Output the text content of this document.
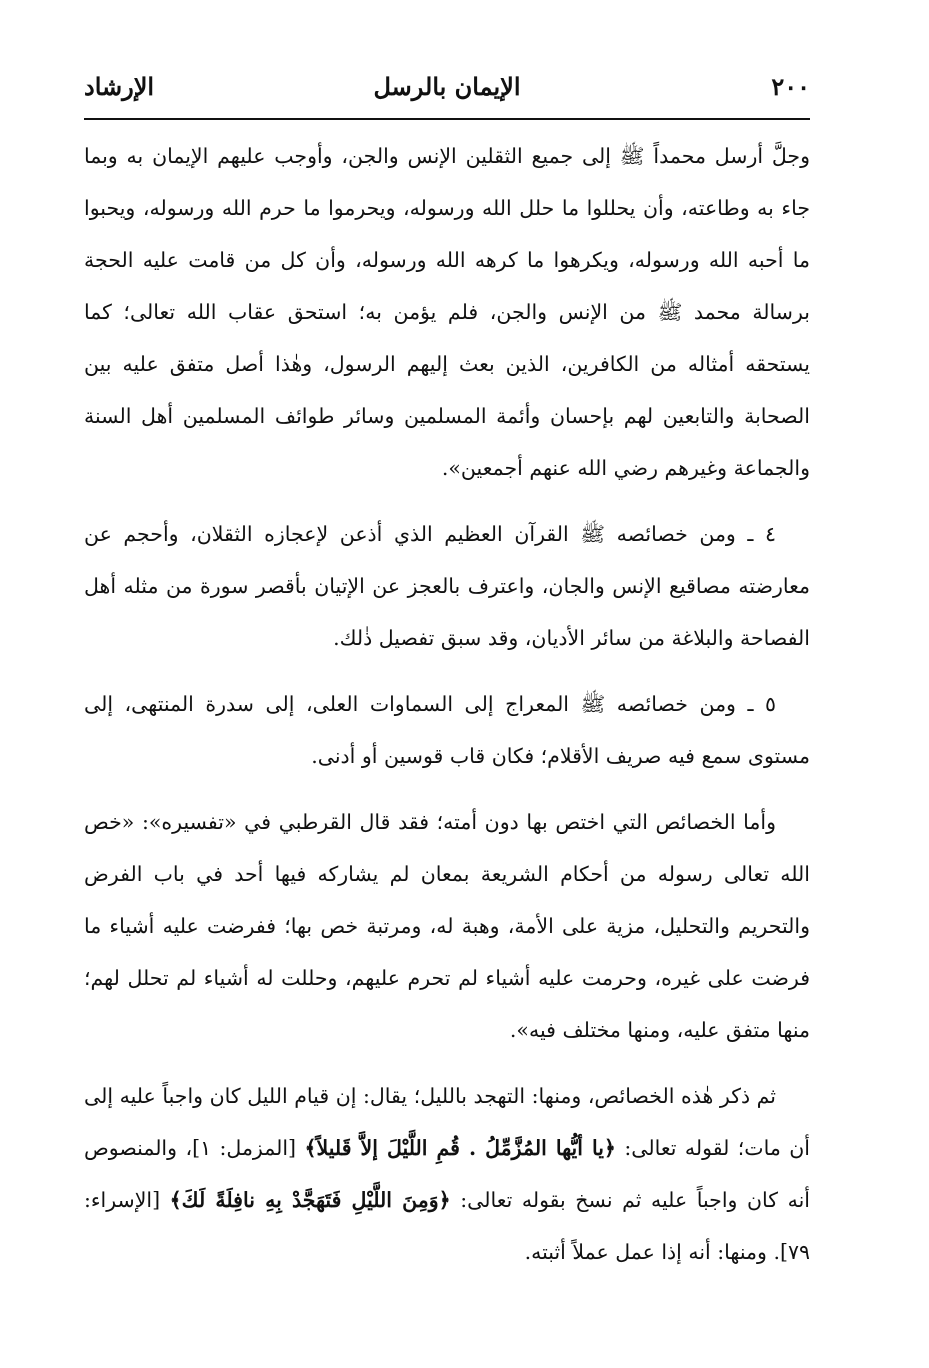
٢٠٠
الإيمان بالرسل
الإرشاد

وجلَّ أرسل محمداً ﷺ إلى جميع الثقلين الإنس والجن، وأوجب عليهم الإيمان به وبما جاء به وطاعته، وأن يحللوا ما حلل الله ورسوله، ويحرموا ما حرم الله ورسوله، ويحبوا ما أحبه الله ورسوله، ويكرهوا ما كرهه الله ورسوله، وأن كل من قامت عليه الحجة برسالة محمد ﷺ من الإنس والجن، فلم يؤمن به؛ استحق عقاب الله تعالى؛ كما يستحقه أمثاله من الكافرين، الذين بعث إليهم الرسول، وهٰذا أصل متفق عليه بين الصحابة والتابعين لهم بإحسان وأئمة المسلمين وسائر طوائف المسلمين أهل السنة والجماعة وغيرهم رضي الله عنهم أجمعين».

٤ ـ ومن خصائصه ﷺ القرآن العظيم الذي أذعن لإعجازه الثقلان، وأحجم عن معارضته مصاقيع الإنس والجان، واعترف بالعجز عن الإتيان بأقصر سورة من مثله أهل الفصاحة والبلاغة من سائر الأديان، وقد سبق تفصيل ذٰلك.

٥ ـ ومن خصائصه ﷺ المعراج إلى السماوات العلى، إلى سدرة المنتهى، إلى مستوى سمع فيه صريف الأقلام؛ فكان قاب قوسين أو أدنى.

وأما الخصائص التي اختص بها دون أمته؛ فقد قال القرطبي في «تفسيره»: «خص الله تعالى رسوله من أحكام الشريعة بمعان لم يشاركه فيها أحد في باب الفرض والتحريم والتحليل، مزية على الأمة، وهبة له، ومرتبة خص بها؛ ففرضت عليه أشياء ما فرضت على غيره، وحرمت عليه أشياء لم تحرم عليهم، وحللت له أشياء لم تحلل لهم؛ منها متفق عليه، ومنها مختلف فيه».

ثم ذكر هٰذه الخصائص، ومنها: التهجد بالليل؛ يقال: إن قيام الليل كان واجباً عليه إلى أن مات؛ لقوله تعالى: ﴿يا أيُّها المُزَّمِّلُ . قُمِ اللَّيْلَ إلاَّ قَليلاً﴾ [المزمل: ١]، والمنصوص أنه كان واجباً عليه ثم نسخ بقوله تعالى: ﴿وَمِنَ اللَّيْلِ فَتَهَجَّدْ بِهِ نافِلَةً لَكَ﴾ [الإسراء: ٧٩]. ومنها: أنه إذا عمل عملاً أثبته.
